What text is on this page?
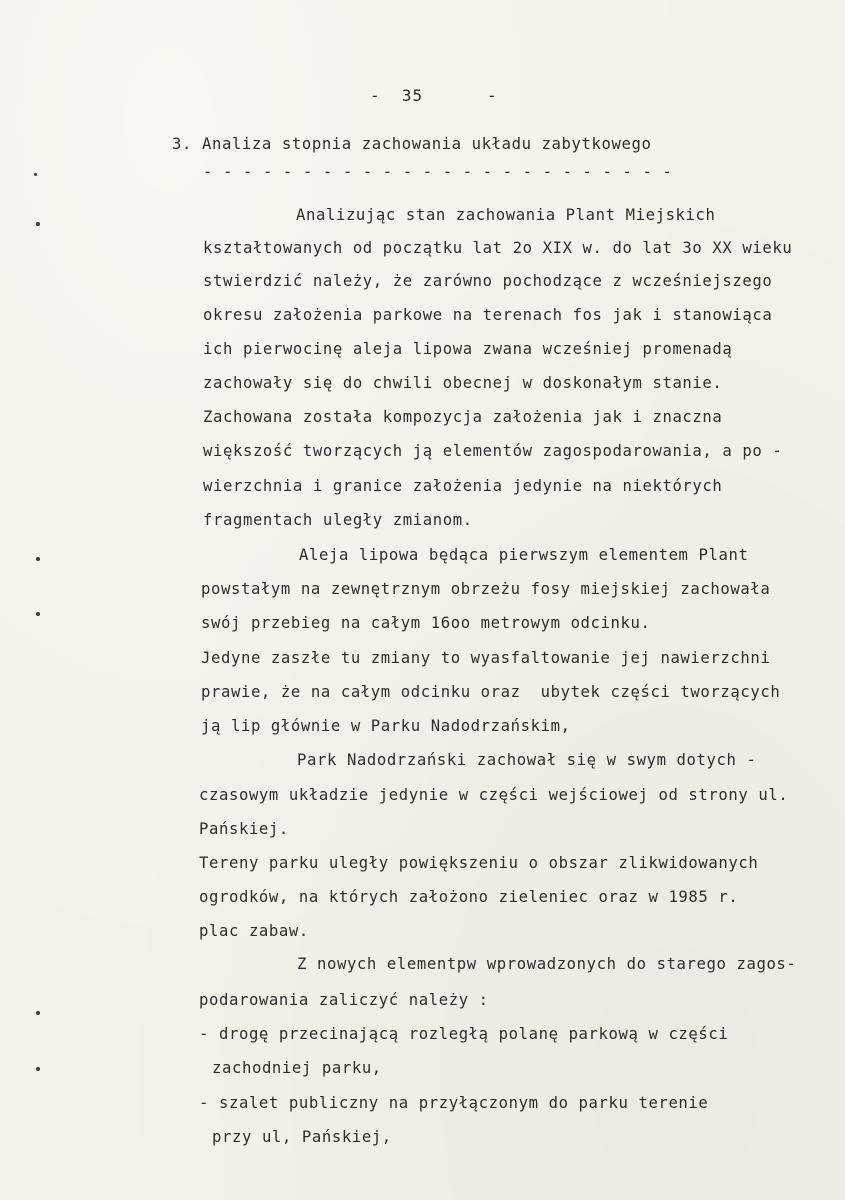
-  35      -
3. Analiza stopnia zachowania układu zabytkowego
- - - - - - - - - - - - - - - - - - - - - - - -
Analizując stan zachowania Plant Miejskich
kształtowanych od początku lat 2o XIX w. do lat 3o XX wieku
stwierdzić należy, że zarówno pochodzące z wcześniejszego
okresu założenia parkowe na terenach fos jak i stanowiąca
ich pierwocinę aleja lipowa zwana wcześniej promenadą
zachowały się do chwili obecnej w doskonałym stanie.
Zachowana została kompozycja założenia jak i znaczna
większość tworzących ją elementów zagospodarowania, a po -
wierzchnia i granice założenia jedynie na niektórych
fragmentach uległy zmianom.
Aleja lipowa będąca pierwszym elementem Plant
powstałym na zewnętrznym obrzeżu fosy miejskiej zachowała
swój przebieg na całym 16oo metrowym odcinku.
Jedyne zaszłe tu zmiany to wyasfaltowanie jej nawierzchni
prawie, że na całym odcinku oraz  ubytek części tworzących
ją lip głównie w Parku Nadodrzańskim,
Park Nadodrzański zachował się w swym dotych -
czasowym układzie jedynie w części wejściowej od strony ul.
Pańskiej.
Tereny parku uległy powiększeniu o obszar zlikwidowanych
ogrodków, na których założono zieleniec oraz w 1985 r.
plac zabaw.
Z nowych elementpw wprowadzonych do starego zagos-
podarowania zaliczyć należy :
- drogę przecinającą rozległą polanę parkową w części
zachodniej parku,
- szalet publiczny na przyłączonym do parku terenie
przy ul, Pańskiej,
